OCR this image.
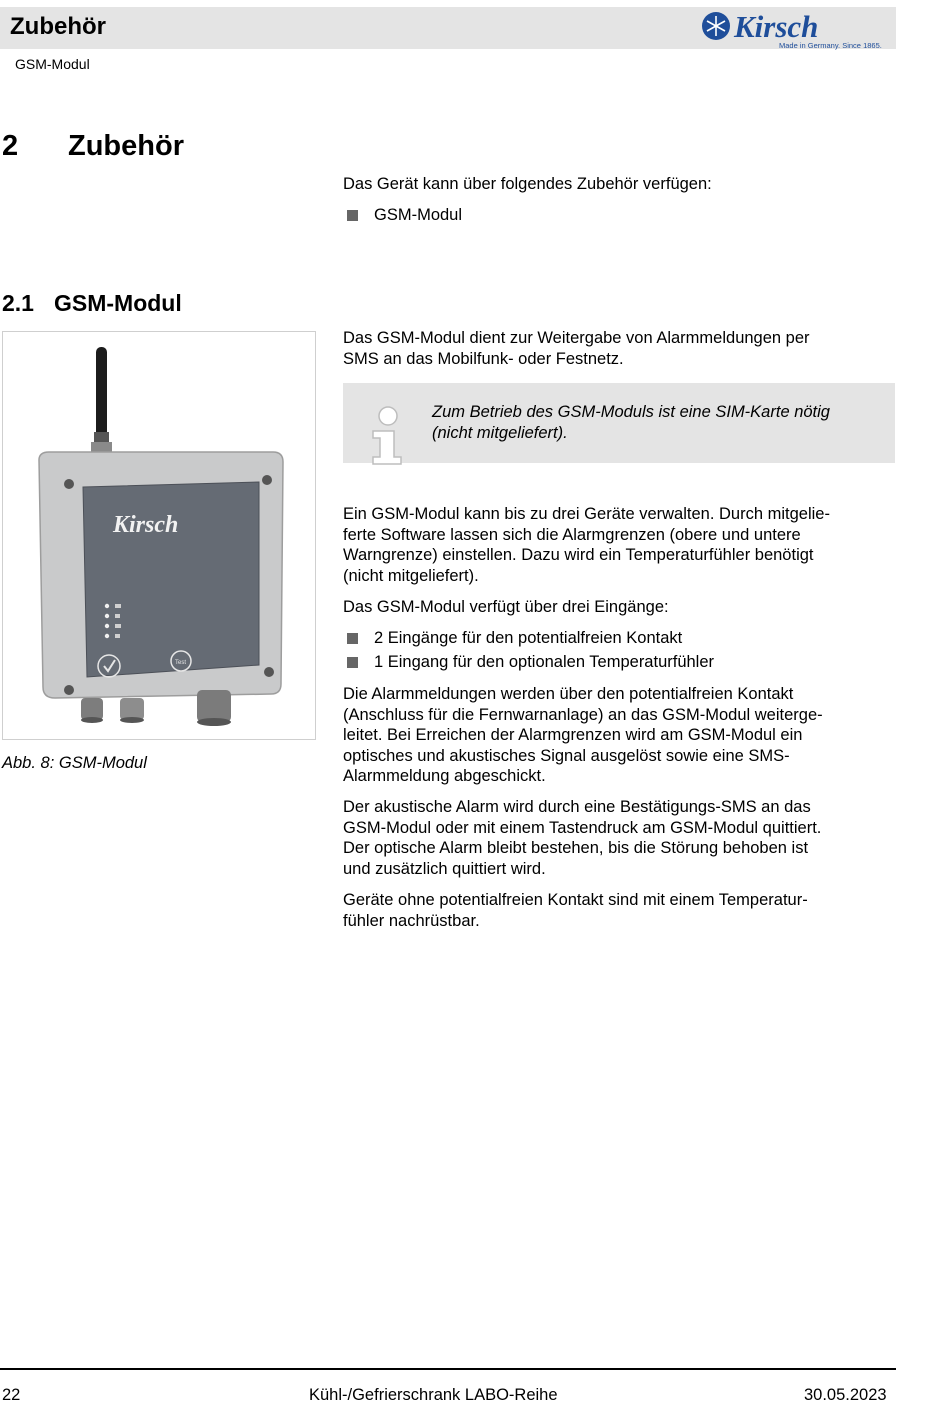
Zubehör
GSM-Modul
Kirsch
Made in Germany. Since 1865.
2 Zubehör
Das Gerät kann über folgendes Zubehör verfügen:
GSM-Modul
2.1 GSM-Modul
Das GSM-Modul dient zur Weitergabe von Alarmmeldungen per
SMS an das Mobilfunk- oder Festnetz.
Zum Betrieb des GSM-Moduls ist eine SIM-Karte nötig
(nicht mitgeliefert).
Ein GSM-Modul kann bis zu drei Geräte verwalten. Durch mitgelie-
ferte Software lassen sich die Alarmgrenzen (obere und untere
Warngrenze) einstellen. Dazu wird ein Temperaturfühler benötigt
(nicht mitgeliefert).
Das GSM-Modul verfügt über drei Eingänge:
2 Eingänge für den potentialfreien Kontakt
1 Eingang für den optionalen Temperaturfühler
Die Alarmmeldungen werden über den potentialfreien Kontakt
(Anschluss für die Fernwarnanlage) an das GSM-Modul weiterge-
leitet. Bei Erreichen der Alarmgrenzen wird am GSM-Modul ein
optisches und akustisches Signal ausgelöst sowie eine SMS-
Alarmmeldung abgeschickt.
Der akustische Alarm wird durch eine Bestätigungs-SMS an das
GSM-Modul oder mit einem Tastendruck am GSM-Modul quittiert.
Der optische Alarm bleibt bestehen, bis die Störung behoben ist
und zusätzlich quittiert wird.
Geräte ohne potentialfreien Kontakt sind mit einem Temperatur-
fühler nachrüstbar.
Kirsch
Test
Abb. 8: GSM-Modul
22	Kühl-/Gefrierschrank LABO-Reihe	30.05.2023
